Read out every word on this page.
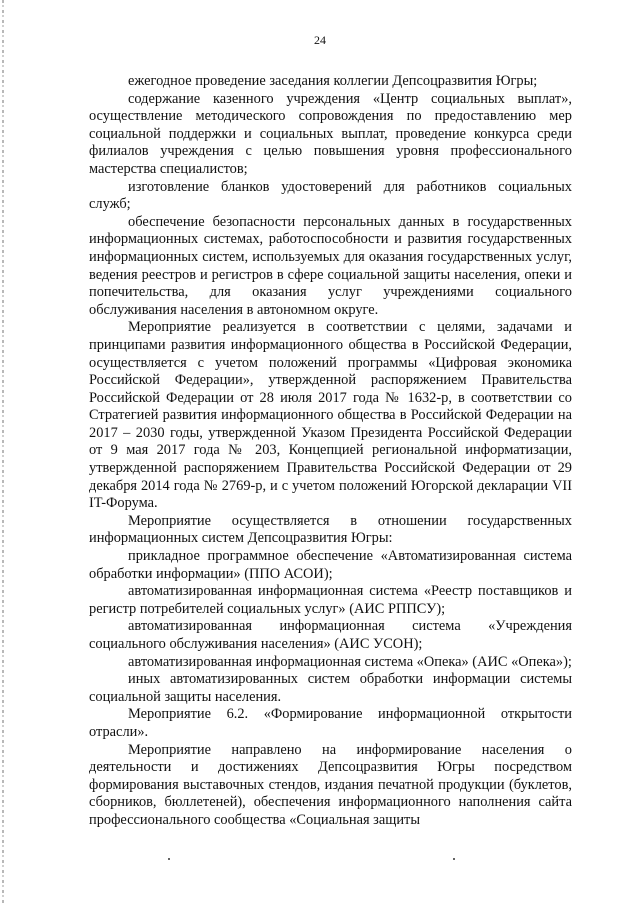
24

ежегодное проведение заседания коллегии Депсоцразвития Югры;

содержание казенного учреждения «Центр социальных выплат», осуществление методического сопровождения по предоставлению мер социальной поддержки и социальных выплат, проведение конкурса среди филиалов учреждения с целью повышения уровня профессионального мастерства специалистов;

изготовление бланков удостоверений для работников социальных служб;

обеспечение безопасности персональных данных в государственных информационных системах, работоспособности и развития государственных информационных систем, используемых для оказания государственных услуг, ведения реестров и регистров в сфере социальной защиты населения, опеки и попечительства, для оказания услуг учреждениями социального обслуживания населения в автономном округе.

Мероприятие реализуется в соответствии с целями, задачами и принципами развития информационного общества в Российской Федерации, осуществляется с учетом положений программы «Цифровая экономика Российской Федерации», утвержденной распоряжением Правительства Российской Федерации от 28 июля 2017 года № 1632-р, в соответствии со Стратегией развития информационного общества в Российской Федерации на 2017 – 2030 годы, утвержденной Указом Президента Российской Федерации от 9 мая 2017 года № 203, Концепцией региональной информатизации, утвержденной распоряжением Правительства Российской Федерации от 29 декабря 2014 года № 2769-р, и с учетом положений Югорской декларации VII IT-Форума.

Мероприятие осуществляется в отношении государственных информационных систем Депсоцразвития Югры:

прикладное программное обеспечение «Автоматизированная система обработки информации» (ППО АСОИ);

автоматизированная информационная система «Реестр поставщиков и регистр потребителей социальных услуг» (АИС РППСУ);

автоматизированная информационная система «Учреждения социального обслуживания населения» (АИС УСОН);

автоматизированная информационная система «Опека» (АИС «Опека»);

иных автоматизированных систем обработки информации системы социальной защиты населения.

Мероприятие 6.2. «Формирование информационной открытости отрасли».

Мероприятие направлено на информирование населения о деятельности и достижениях Депсоцразвития Югры посредством формирования выставочных стендов, издания печатной продукции (буклетов, сборников, бюллетеней), обеспечения информационного наполнения сайта профессионального сообщества «Социальная защиты
